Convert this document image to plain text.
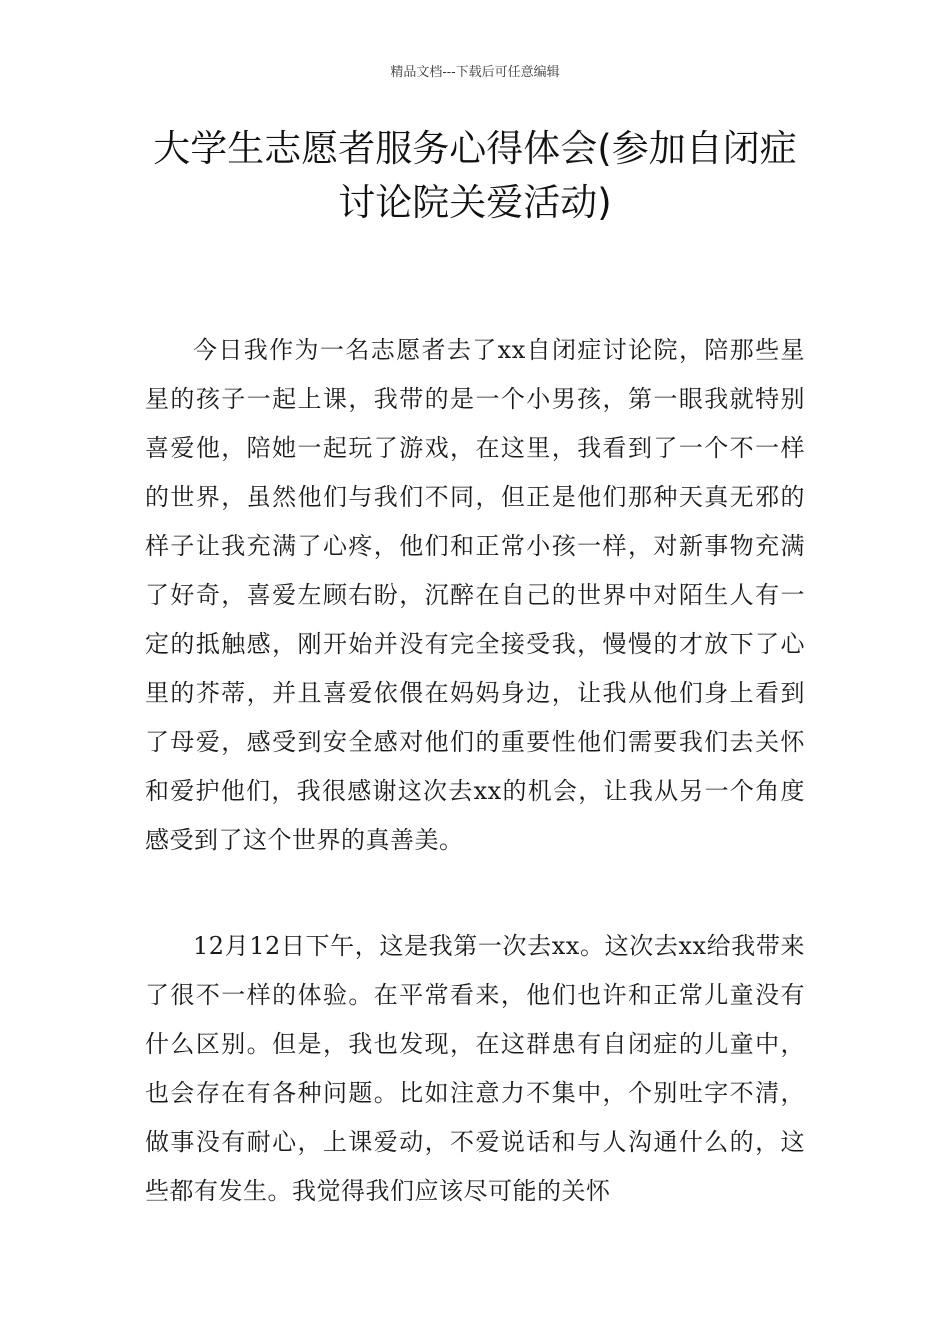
精品文档---下载后可任意编辑
大学生志愿者服务心得体会(参加自闭症讨论院关爱活动)

今日我作为一名志愿者去了xx自闭症讨论院，陪那些星星的孩子一起上课，我带的是一个小男孩，第一眼我就特别喜爱他，陪她一起玩了游戏，在这里，我看到了一个不一样的世界，虽然他们与我们不同，但正是他们那种天真无邪的样子让我充满了心疼，他们和正常小孩一样，对新事物充满了好奇，喜爱左顾右盼，沉醉在自己的世界中对陌生人有一定的抵触感，刚开始并没有完全接受我，慢慢的才放下了心里的芥蒂，并且喜爱依偎在妈妈身边，让我从他们身上看到了母爱，感受到安全感对他们的重要性他们需要我们去关怀和爱护他们，我很感谢这次去xx的机会，让我从另一个角度感受到了这个世界的真善美。

12月12日下午，这是我第一次去xx。这次去xx给我带来了很不一样的体验。在平常看来，他们也许和正常儿童没有什么区别。但是，我也发现，在这群患有自闭症的儿童中，也会存在有各种问题。比如注意力不集中，个别吐字不清，做事没有耐心，上课爱动，不爱说话和与人沟通什么的，这些都有发生。我觉得我们应该尽可能的关怀
